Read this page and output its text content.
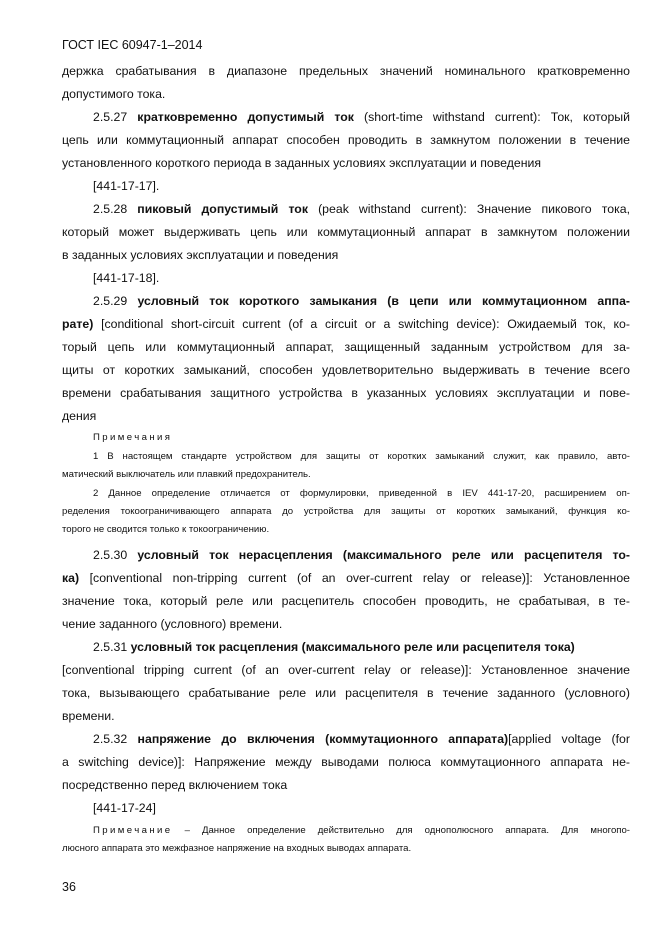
ГОСТ IEC 60947-1–2014
держка срабатывания в диапазоне предельных значений номинального кратковременно
допустимого тока.
2.5.27 кратковременно допустимый ток (short-time withstand current): Ток, который
цепь или коммутационный аппарат способен проводить в замкнутом положении в течение
установленного короткого периода в заданных условиях эксплуатации и поведения
[441-17-17].
2.5.28 пиковый допустимый ток (peak withstand current): Значение пикового тока,
который может выдерживать цепь или коммутационный аппарат в замкнутом положении
в заданных условиях эксплуатации и поведения
[441-17-18].
2.5.29 условный ток короткого замыкания (в цепи или коммутационном аппа-
рате) [conditional short-circuit current (of a circuit or a switching device): Ожидаемый ток, ко-
торый цепь или коммутационный аппарат, защищенный заданным устройством для за-
щиты от коротких замыканий, способен удовлетворительно выдерживать в течение всего
времени срабатывания защитного устройства в указанных условиях эксплуатации и пове-
дения
Примечания
1 В настоящем стандарте устройством для защиты от коротких замыканий служит, как правило, авто-
матический выключатель или плавкий предохранитель.
2 Данное определение отличается от формулировки, приведенной в IEV 441-17-20, расширением оп-
ределения токоограничивающего аппарата до устройства для защиты от коротких замыканий, функция ко-
торого не сводится только к токоограничению.
2.5.30 условный ток нерасцепления (максимального реле или расцепителя то-
ка) [conventional non-tripping current (of an over-current relay or release)]: Установленное
значение тока, который реле или расцепитель способен проводить, не срабатывая, в те-
чение заданного (условного) времени.
2.5.31 условный ток расцепления (максимального реле или расцепителя тока)
[conventional tripping current (of an over-current relay or release)]: Установленное значение
тока, вызывающего срабатывание реле или расцепителя в течение заданного (условного)
времени.
2.5.32 напряжение до включения (коммутационного аппарата)[applied voltage (for
a switching device)]: Напряжение между выводами полюса коммутационного аппарата не-
посредственно перед включением тока
[441-17-24]
Примечание – Данное определение действительно для однополюсного аппарата. Для многопо-
люсного аппарата это межфазное напряжение на входных выводах аппарата.
36
